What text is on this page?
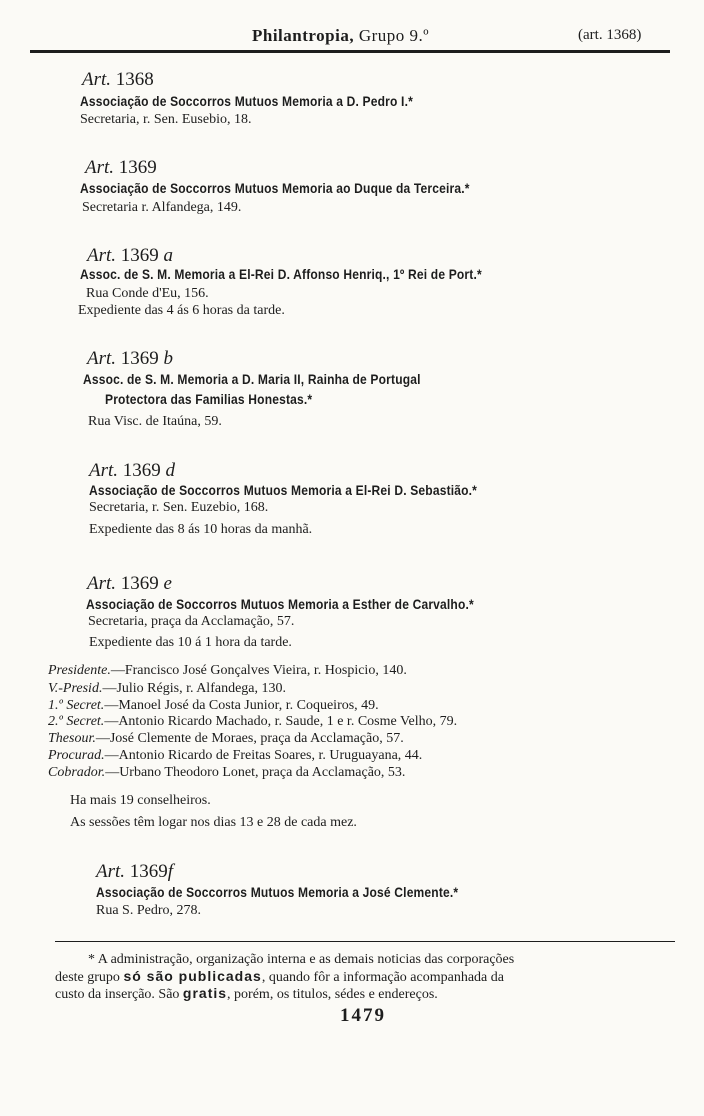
Philantropia, Grupo 9.º	(art. 1368)
Art. 1368
Associação de Soccorros Mutuos Memoria a D. Pedro I.*
Secretaria, r. Sen. Eusebio, 18.
Art. 1369
Associação de Soccorros Mutuos Memoria ao Duque da Terceira.*
Secretaria r. Alfandega, 149.
Art. 1369 a
Assoc. de S. M. Memoria a El-Rei D. Affonso Henriq., 1º Rei de Port.*
Rua Conde d'Eu, 156.
Expediente das 4 ás 6 horas da tarde.
Art. 1369 b
Assoc. de S. M. Memoria a D. Maria II, Rainha de Portugal
Protectora das Familias Honestas.*
Rua Visc. de Itaúna, 59.
Art. 1369 d
Associação de Soccorros Mutuos Memoria a El-Rei D. Sebastião.*
Secretaria, r. Sen. Euzebio, 168.
Expediente das 8 ás 10 horas da manhã.
Art. 1369 e
Associação de Soccorros Mutuos Memoria a Esther de Carvalho.*
Secretaria, praça da Acclamação, 57.
Expediente das 10 á 1 hora da tarde.
Presidente.—Francisco José Gonçalves Vieira, r. Hospicio, 140.
V.-Presid.—Julio Régis, r. Alfandega, 130.
1.º Secret.—Manoel José da Costa Junior, r. Coqueiros, 49.
2.º Secret.—Antonio Ricardo Machado, r. Saude, 1 e r. Cosme Velho, 79.
Thesour.—José Clemente de Moraes, praça da Acclamação, 57.
Procurad.—Antonio Ricardo de Freitas Soares, r. Uruguayana, 44.
Cobrador.—Urbano Theodoro Lonet, praça da Acclamação, 53.
Ha mais 19 conselheiros.
As sessões têm logar nos dias 13 e 28 de cada mez.
Art. 1369f
Associação de Soccorros Mutuos Memoria a José Clemente.*
Rua S. Pedro, 278.
* A administração, organização interna e as demais noticias das corporações
deste grupo só são publicadas, quando fôr a informação acompanhada da
custo da inserção. São gratis, porém, os titulos, sédes e endereços.
1479
